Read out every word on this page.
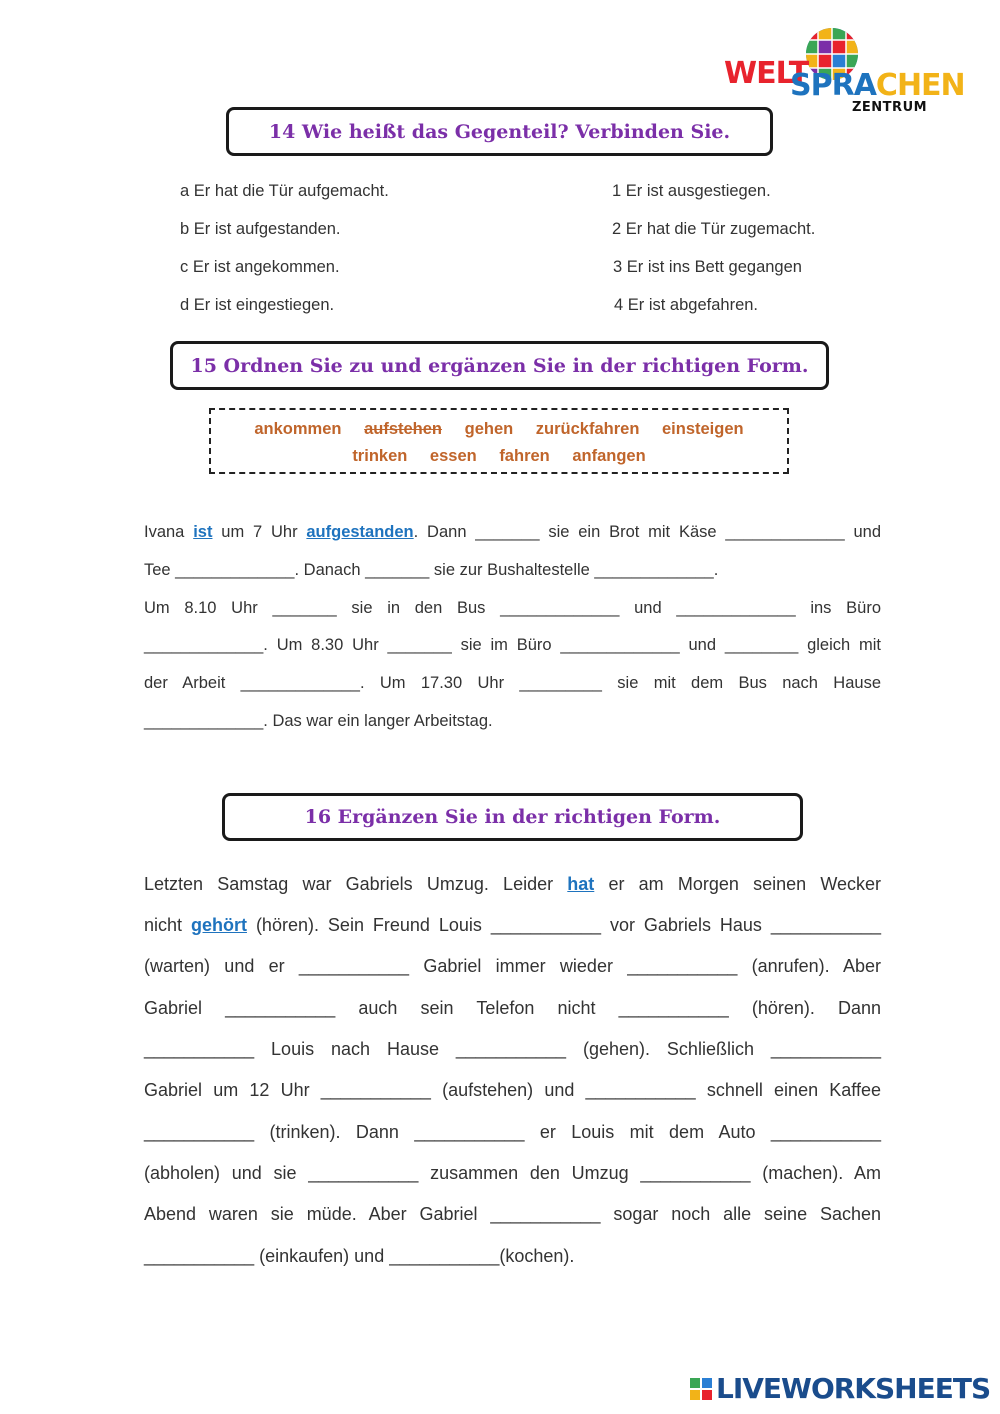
WELT
SPRACHEN
ZENTRUM
14 Wie heißt das Gegenteil? Verbinden Sie.
a Er hat die Tür aufgemacht.
b Er ist aufgestanden.
c Er ist angekommen.
d Er ist eingestiegen.
1 Er ist ausgestiegen.
2 Er hat die Tür zugemacht.
3 Er ist ins Bett gegangen
4 Er ist abgefahren.
15 Ordnen Sie zu und ergänzen Sie in der richtigen Form.
ankommen aufstehen gehen zurückfahren einsteigen
trinken essen fahren anfangen
Ivana ist um 7 Uhr aufgestanden. Dann _______ sie ein Brot mit Käse _____________ und
Tee _____________. Danach _______ sie zur Bushaltestelle _____________.
Um 8.10 Uhr _______ sie in den Bus _____________ und _____________ ins Büro
_____________. Um 8.30 Uhr _______ sie im Büro _____________ und ________ gleich mit
der Arbeit _____________. Um 17.30 Uhr _________ sie mit dem Bus nach Hause
_____________. Das war ein langer Arbeitstag.
16 Ergänzen Sie in der richtigen Form.
Letzten Samstag war Gabriels Umzug. Leider hat er am Morgen seinen Wecker
nicht gehört (hören). Sein Freund Louis ___________ vor Gabriels Haus ___________
(warten) und er ___________ Gabriel immer wieder ___________ (anrufen). Aber
Gabriel ___________ auch sein Telefon nicht ___________ (hören). Dann
___________ Louis nach Hause ___________ (gehen). Schließlich ___________
Gabriel um 12 Uhr ___________ (aufstehen) und ___________ schnell einen Kaffee
___________ (trinken). Dann ___________ er Louis mit dem Auto ___________
(abholen) und sie ___________ zusammen den Umzug ___________ (machen). Am
Abend waren sie müde. Aber Gabriel ___________ sogar noch alle seine Sachen
___________ (einkaufen) und ___________(kochen).
LIVEWORKSHEETS
